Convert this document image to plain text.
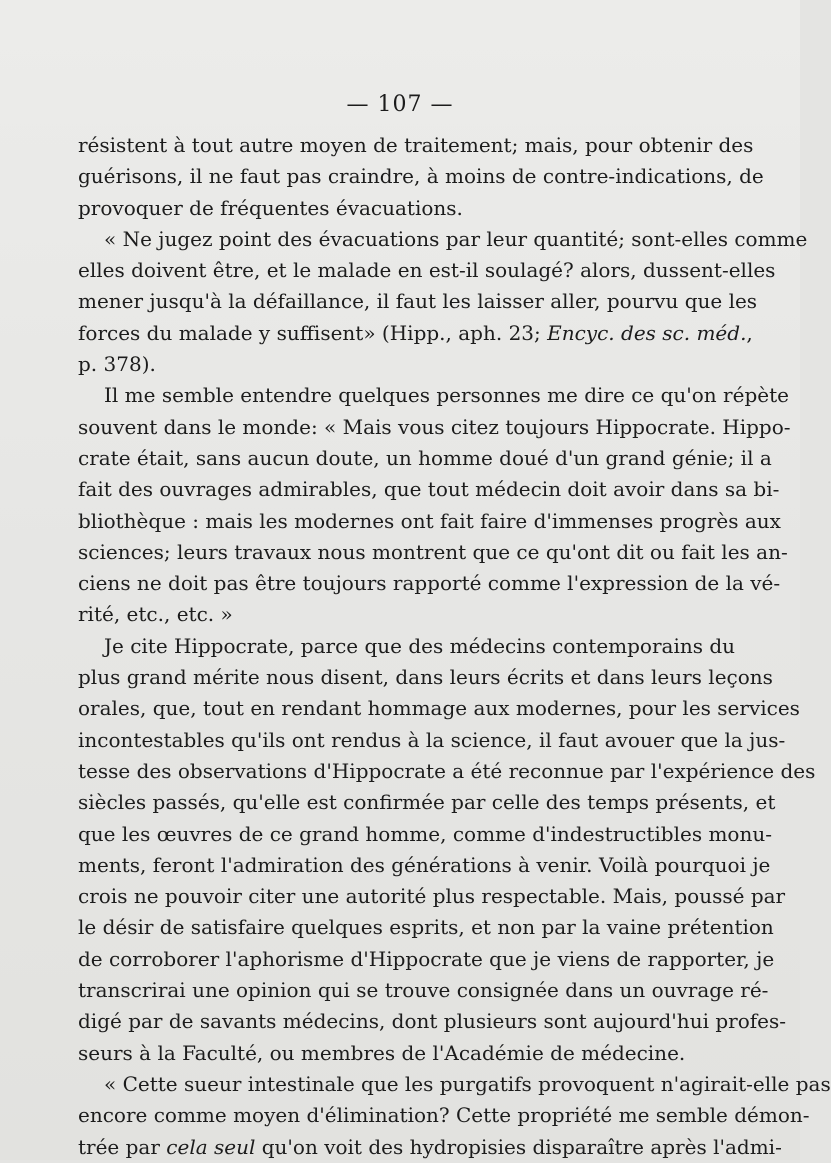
— 107 —
résistent à tout autre moyen de traitement; mais, pour obtenir des
guérisons, il ne faut pas craindre, à moins de contre-indications, de
provoquer de fréquentes évacuations.
« Ne jugez point des évacuations par leur quantité; sont-elles comme
elles doivent être, et le malade en est-il soulagé? alors, dussent-elles
mener jusqu'à la défaillance, il faut les laisser aller, pourvu que les
forces du malade y suffisent» (Hipp., aph. 23; Encyc. des sc. méd.,
p. 378).
Il me semble entendre quelques personnes me dire ce qu'on répète
souvent dans le monde: « Mais vous citez toujours Hippocrate. Hippo-
crate était, sans aucun doute, un homme doué d'un grand génie; il a
fait des ouvrages admirables, que tout médecin doit avoir dans sa bi-
bliothèque : mais les modernes ont fait faire d'immenses progrès aux
sciences; leurs travaux nous montrent que ce qu'ont dit ou fait les an-
ciens ne doit pas être toujours rapporté comme l'expression de la vé-
rité, etc., etc. »
Je cite Hippocrate, parce que des médecins contemporains du
plus grand mérite nous disent, dans leurs écrits et dans leurs leçons
orales, que, tout en rendant hommage aux modernes, pour les services
incontestables qu'ils ont rendus à la science, il faut avouer que la jus-
tesse des observations d'Hippocrate a été reconnue par l'expérience des
siècles passés, qu'elle est confirmée par celle des temps présents, et
que les œuvres de ce grand homme, comme d'indestructibles monu-
ments, feront l'admiration des générations à venir. Voilà pourquoi je
crois ne pouvoir citer une autorité plus respectable. Mais, poussé par
le désir de satisfaire quelques esprits, et non par la vaine prétention
de corroborer l'aphorisme d'Hippocrate que je viens de rapporter, je
transcrirai une opinion qui se trouve consignée dans un ouvrage ré-
digé par de savants médecins, dont plusieurs sont aujourd'hui profes-
seurs à la Faculté, ou membres de l'Académie de médecine.
« Cette sueur intestinale que les purgatifs provoquent n'agirait-elle pas
encore comme moyen d'élimination? Cette propriété me semble démon-
trée par cela seul qu'on voit des hydropisies disparaître après l'admi-
